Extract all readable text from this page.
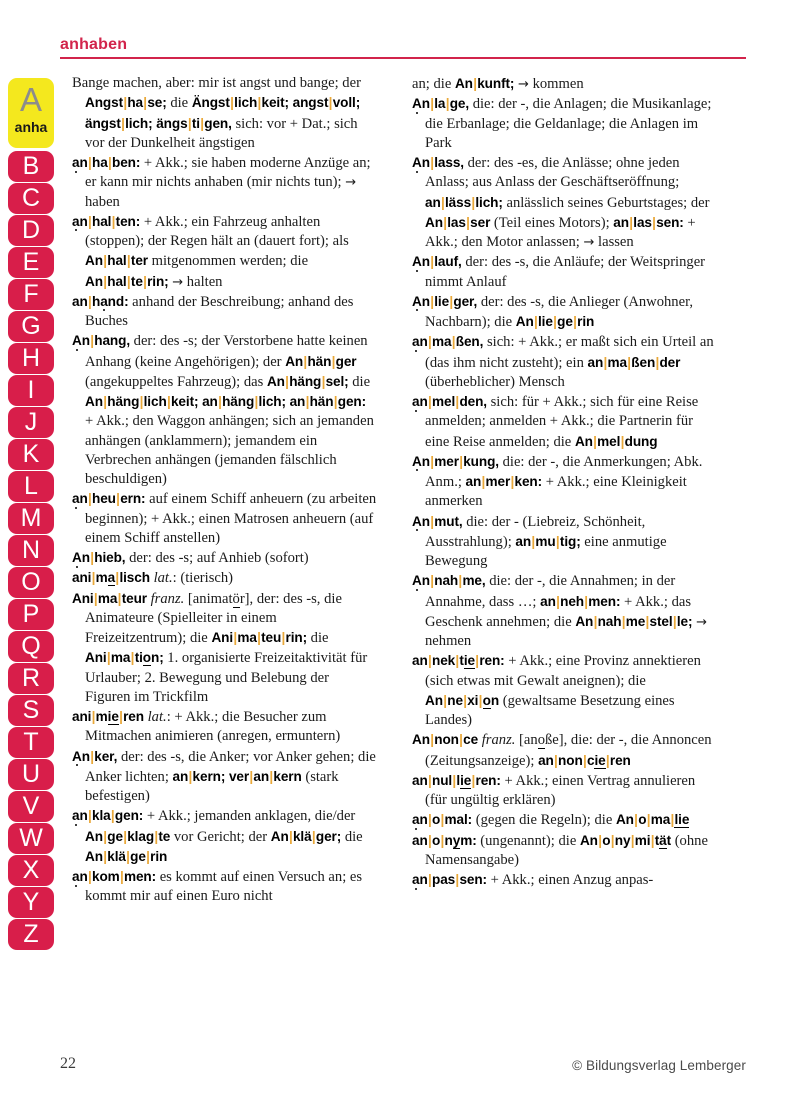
anhaben
A
anha
B
C
D
E
F
G
H
I
J
K
L
M
N
O
P
Q
R
S
T
U
V
W
X
Y
Z

Bange machen, aber: mir ist angst und bange; der Angst|ha|se; die Ängst|lich|keit; angst|voll; ängst|lich; ängs|ti|gen, sich: vor + Dat.; sich vor der Dunkelheit ängstigen

an|ha|ben: + Akk.; sie haben moderne Anzüge an; er kann mir nichts anhaben (mir nichts tun); → haben

an|hal|ten: + Akk.; ein Fahrzeug anhalten (stoppen); der Regen hält an (dauert fort); als An|hal|ter mitgenommen werden; die An|hal|te|rin; → halten

an|hand: anhand der Beschreibung; anhand des Buches

An|hang, der: des -s; der Verstorbene hatte keinen Anhang (keine Angehörigen); der An|hän|ger (angekuppeltes Fahrzeug); das An|häng|sel; die An|häng|lich|keit; an|häng|lich; an|hän|gen: + Akk.; den Waggon anhängen; sich an jemanden anhängen (anklammern); jemandem ein Verbrechen anhängen (jemanden fälschlich beschuldigen)

an|heu|ern: auf einem Schiff anheuern (zu arbeiten beginnen); + Akk.; einen Matrosen anheuern (auf einem Schiff anstellen)

An|hieb, der: des -s; auf Anhieb (sofort)

ani|ma|lisch lat.: (tierisch)

Ani|ma|teur franz. [animatör], der: des -s, die Animateure (Spielleiter in einem Freizeitzentrum); die Ani|ma|teu|rin; die Ani|ma|tion; 1. organisierte Freizeitaktivität für Urlauber; 2. Bewegung und Belebung der Figuren im Trickfilm

ani|mie|ren lat.: + Akk.; die Besucher zum Mitmachen animieren (anregen, ermuntern)

An|ker, der: des -s, die Anker; vor Anker gehen; die Anker lichten; an|kern; ver|an|kern (stark befestigen)

an|kla|gen: + Akk.; jemanden anklagen, die/der An|ge|klag|te vor Gericht; der An|klä|ger; die An|klä|ge|rin

an|kom|men: es kommt auf einen Versuch an; es kommt mir auf einen Euro nicht

an; die An|kunft; → kommen

An|la|ge, die: der -, die Anlagen; die Musikanlage; die Erbanlage; die Geldanlage; die Anlagen im Park

An|lass, der: des -es, die Anlässe; ohne jeden Anlass; aus Anlass der Geschäftseröffnung; an|läss|lich; anlässlich seines Geburtstages; der An|las|ser (Teil eines Motors); an|las|sen: + Akk.; den Motor anlassen; → lassen

An|lauf, der: des -s, die Anläufe; der Weitspringer nimmt Anlauf

An|lie|ger, der: des -s, die Anlieger (Anwohner, Nachbarn); die An|lie|ge|rin

an|ma|ßen, sich: + Akk.; er maßt sich ein Urteil an (das ihm nicht zusteht); ein an|ma|ßen|der (überheblicher) Mensch

an|mel|den, sich: für + Akk.; sich für eine Reise anmelden; anmelden + Akk.; die Partnerin für eine Reise anmelden; die An|mel|dung

An|mer|kung, die: der -, die Anmerkungen; Abk. Anm.; an|mer|ken: + Akk.; eine Kleinigkeit anmerken

An|mut, die: der - (Liebreiz, Schönheit, Ausstrahlung); an|mu|tig; eine anmutige Bewegung

An|nah|me, die: der -, die Annahmen; in der Annahme, dass …; an|neh|men: + Akk.; das Geschenk annehmen; die An|nah|me|stel|le; → nehmen

an|nek|tie|ren: + Akk.; eine Provinz annektieren (sich etwas mit Gewalt aneignen); die An|ne|xi|on (gewaltsame Besetzung eines Landes)

An|non|ce franz. [anoße], die: der -, die Annoncen (Zeitungsanzeige); an|non|cie|ren

an|nul|lie|ren: + Akk.; einen Vertrag annulieren (für ungültig erklären)

an|o|mal: (gegen die Regeln); die An|o|ma|lie

an|o|nym: (ungenannt); die An|o|ny|mi|tät (ohne Namensangabe)

an|pas|sen: + Akk.; einen Anzug anpas-

22	© Bildungsverlag Lemberger
